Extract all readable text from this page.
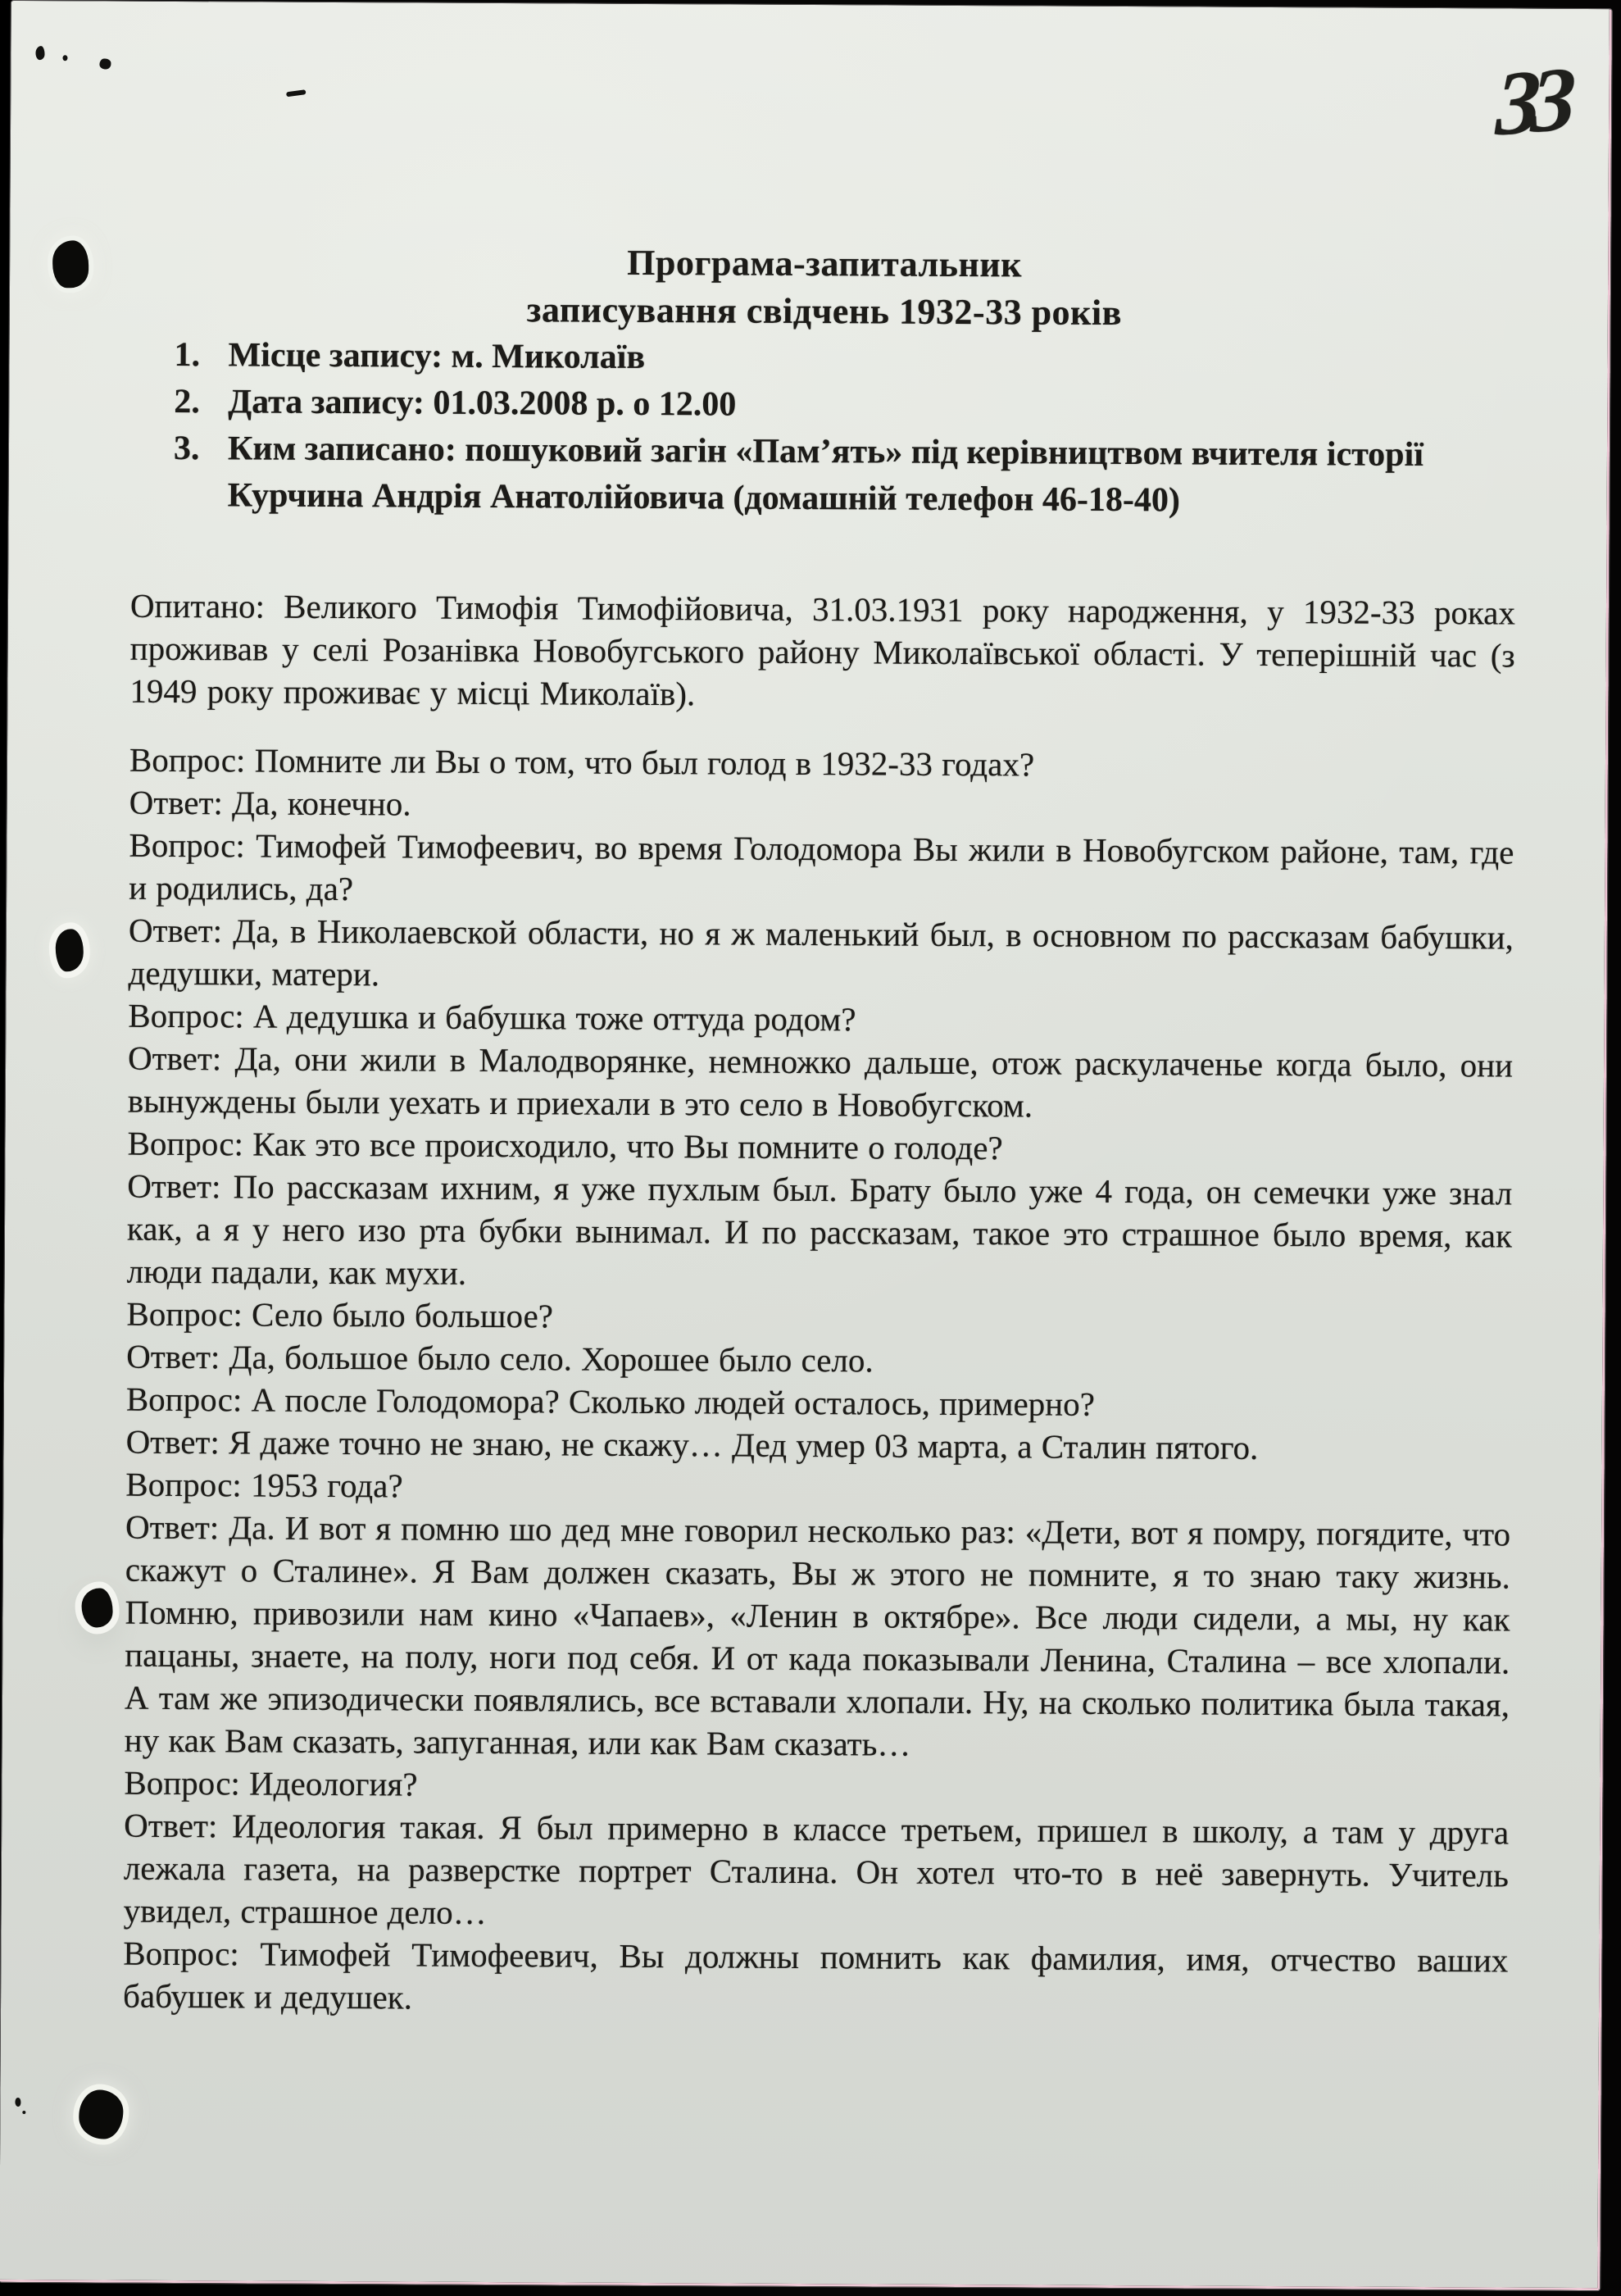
33
Програма-запитальник
записування свідчень 1932-33 років
1. Місце запису: м. Миколаїв
2. Дата запису: 01.03.2008 р. о 12.00
3. Ким записано: пошуковий загін «Пам’ять» під керівництвом вчителя історії Курчина Андрія Анатолійовича (домашній телефон 46-18-40)

Опитано: Великого Тимофія Тимофійовича, 31.03.1931 року народження, у 1932-33 роках проживав у селі Розанівка Новобугського району Миколаївської області. У теперішній час (з 1949 року проживає у місці Миколаїв).

Вопрос: Помните ли Вы о том, что был голод в 1932-33 годах?

Ответ: Да, конечно.

Вопрос: Тимофей Тимофеевич, во время Голодомора Вы жили в Новобугском районе, там, где и родились, да?

Ответ: Да, в Николаевской области, но я ж маленький был, в основном по рассказам бабушки, дедушки, матери.

Вопрос: А дедушка и бабушка тоже оттуда родом?

Ответ: Да, они жили в Малодворянке, немножко дальше, отож раскулаченье когда было, они вынуждены были уехать и приехали в это село в Новобугском.

Вопрос: Как это все происходило, что Вы помните о голоде?

Ответ: По рассказам ихним, я уже пухлым был. Брату было уже 4 года, он семечки уже знал как, а я у него изо рта бубки вынимал. И по рассказам, такое это страшное было время, как люди падали, как мухи.

Вопрос: Село было большое?

Ответ: Да, большое было село. Хорошее было село.

Вопрос: А после Голодомора? Сколько людей осталось, примерно?

Ответ: Я даже точно не знаю, не скажу… Дед умер 03 марта, а Сталин пятого.

Вопрос: 1953 года?

Ответ: Да. И вот я помню шо дед мне говорил несколько раз: «Дети, вот я помру, погядите, что скажут о Сталине». Я Вам должен сказать, Вы ж этого не помните, я то знаю таку жизнь. Помню, привозили нам кино «Чапаев», «Ленин в октябре». Все люди сидели, а мы, ну как пацаны, знаете, на полу, ноги под себя. И от када показывали Ленина, Сталина – все хлопали. А там же эпизодически появлялись, все вставали хлопали. Ну, на сколько политика была такая, ну как Вам сказать, запуганная, или как Вам сказать…

Вопрос: Идеология?

Ответ: Идеология такая. Я был примерно в классе третьем, пришел в школу, а там у друга лежала газета, на разверстке портрет Сталина. Он хотел что-то в неё завернуть. Учитель увидел, страшное дело…

Вопрос: Тимофей Тимофеевич, Вы должны помнить как фамилия, имя, отчество ваших бабушек и дедушек.
